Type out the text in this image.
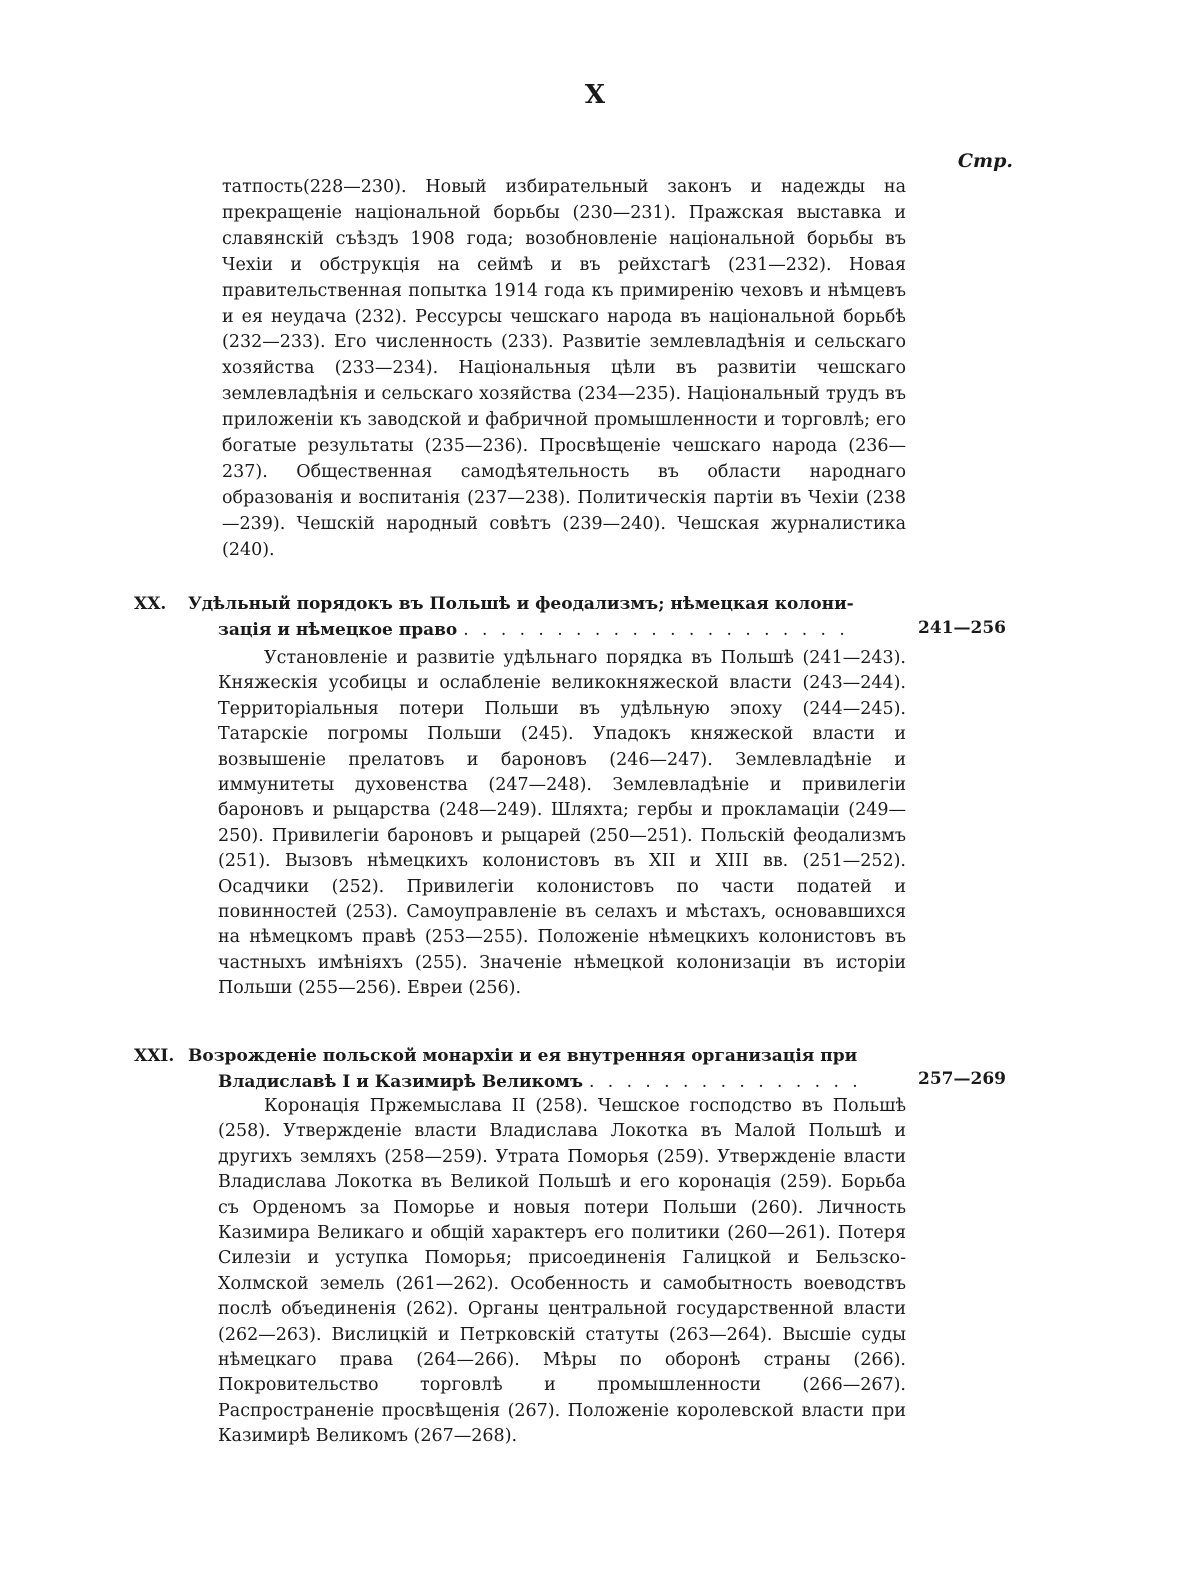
X
Стр.
татпость(228—230). Новый избирательный законъ и надежды на прекращеніе національной борьбы (230—231). Пражская выставка и славянскій съѣздъ 1908 года; возобновленіе національной борьбы въ Чехіи и обструкція на сеймѣ и въ рейхстагѣ (231—232). Новая правительственная попытка 1914 года къ примиренію чеховъ и нѣмцевъ и ея неудача (232). Рессурсы чешскаго народа въ національной борьбѣ (232—233). Его численность (233). Развитіе землевладѣнія и сельскаго хозяйства (233—234). Національныя цѣли въ развитіи чешскаго землевладѣнія и сельскаго хозяйства (234—235). Національный трудъ въ приложеніи къ заводской и фабричной промышленности и торговлѣ; его богатые результаты (235—236). Просвѣщеніе чешскаго народа (236—237). Общественная самодѣятельность въ области народнаго образованія и воспитанія (237—238). Политическія партіи въ Чехіи (238—239). Чешскій народный совѣтъ (239—240). Чешская журналистика (240).
XX. Удѣльный порядокъ въ Польшѣ и феодализмъ; нѣмецкая колони-
зація и нѣмецкое право . . . . . . . . . . . . . . . . . . . . .	241—256
Установленіе и развитіе удѣльнаго порядка въ Польшѣ (241—243). Княжескія усобицы и ослабленіе великокняжеской власти (243—244). Территоріальныя потери Польши въ удѣльную эпоху (244—245). Татарскіе погромы Польши (245). Упадокъ княжеской власти и возвышеніе прелатовъ и бароновъ (246—247). Землевладѣніе и иммунитеты духовенства (247—248). Землевладѣніе и привилегіи бароновъ и рыцарства (248—249). Шляхта; гербы и прокламаціи (249—250). Привилегіи бароновъ и рыцарей (250—251). Польскій феодализмъ (251). Вызовъ нѣмецкихъ колонистовъ въ XII и XIII вв. (251—252). Осадчики (252). Привилегіи колонистовъ по части податей и повинностей (253). Самоуправленіе въ селахъ и мѣстахъ, основавшихся на нѣмецкомъ правѣ (253—255). Положеніе нѣмецкихъ колонистовъ въ частныхъ имѣніяхъ (255). Значеніе нѣмецкой колонизаціи въ исторіи Польши (255—256). Евреи (256).
XXI. Возрожденіе польской монархіи и ея внутренняя организація при
Владиславѣ I и Казимирѣ Великомъ . . . . . . . . . . . . . . .	257—269
Коронація Пржемыслава II (258). Чешское господство въ Польшѣ (258). Утвержденіе власти Владислава Локотка въ Малой Польшѣ и другихъ земляхъ (258—259). Утрата Поморья (259). Утвержденіе власти Владислава Локотка въ Великой Польшѣ и его коронація (259). Борьба съ Орденомъ за Поморье и новыя потери Польши (260). Личность Казимира Великаго и общій характеръ его политики (260—261). Потеря Силезіи и уступка Поморья; присоединенія Галицкой и Бельзско-Холмской земель (261—262). Особенность и самобытность воеводствъ послѣ объединенія (262). Органы центральной государственной власти (262—263). Вислицкій и Петрковскій статуты (263—264). Высшіе суды нѣмецкаго права (264—266). Мѣры по оборонѣ страны (266). Покровительство торговлѣ и промышленности (266—267). Распространеніе просвѣщенія (267). Положеніе королевской власти при Казимирѣ Великомъ (267—268).
